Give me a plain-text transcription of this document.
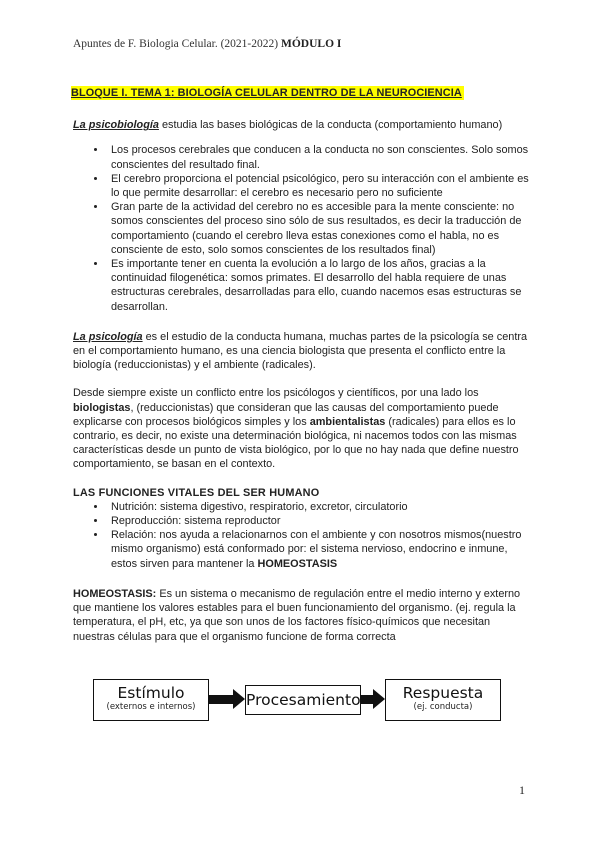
Apuntes de F. Biologia Celular. (2021-2022) MÓDULO I
BLOQUE I. TEMA 1: BIOLOGÍA CELULAR DENTRO DE LA NEUROCIENCIA

La psicobiología estudia las bases biológicas de la conducta (comportamiento humano)

• Los procesos cerebrales que conducen a la conducta no son conscientes. Solo somos conscientes del resultado final.
• El cerebro proporciona el potencial psicológico, pero su interacción con el ambiente es lo que permite desarrollar: el cerebro es necesario pero no suficiente
• Gran parte de la actividad del cerebro no es accesible para la mente consciente: no somos conscientes del proceso sino sólo de sus resultados, es decir la traducción de comportamiento (cuando el cerebro lleva estas conexiones como el habla, no es consciente de esto, solo somos conscientes de los resultados final)
• Es importante tener en cuenta la evolución a lo largo de los años, gracias a la continuidad filogenética: somos primates. El desarrollo del habla requiere de unas estructuras cerebrales, desarrolladas para ello, cuando nacemos esas estructuras se desarrollan.

La psicología es el estudio de la conducta humana, muchas partes de la psicología se centra en el comportamiento humano, es una ciencia biologista que presenta el conflicto entre la biología (reduccionistas) y el ambiente (radicales).

Desde siempre existe un conflicto entre los psicólogos y científicos, por una lado los biologistas, (reduccionistas) que consideran que las causas del comportamiento puede explicarse con procesos biológicos simples y los ambientalistas (radicales) para ellos es lo contrario, es decir, no existe una determinación biológica, ni nacemos todos con las mismas características desde un punto de vista biológico, por lo que no hay nada que define nuestro comportamiento, se basan en el contexto.

LAS FUNCIONES VITALES DEL SER HUMANO

• Nutrición: sistema digestivo, respiratorio, excretor, circulatorio
• Reproducción: sistema reproductor
• Relación: nos ayuda a relacionarnos con el ambiente y con nosotros mismos(nuestro mismo organismo) está conformado por: el sistema nervioso, endocrino e inmune, estos sirven para mantener la HOMEOSTASIS

HOMEOSTASIS: Es un sistema o mecanismo de regulación entre el medio interno y externo que mantiene los valores estables para el buen funcionamiento del organismo. (ej. regula la temperatura, el pH, etc, ya que son unos de los factores físico-químicos que necesitan nuestras células para que el organismo funcione de forma correcta

Estímulo
(externos e internos)	Procesamiento	Respuesta
(ej. conducta)
1
